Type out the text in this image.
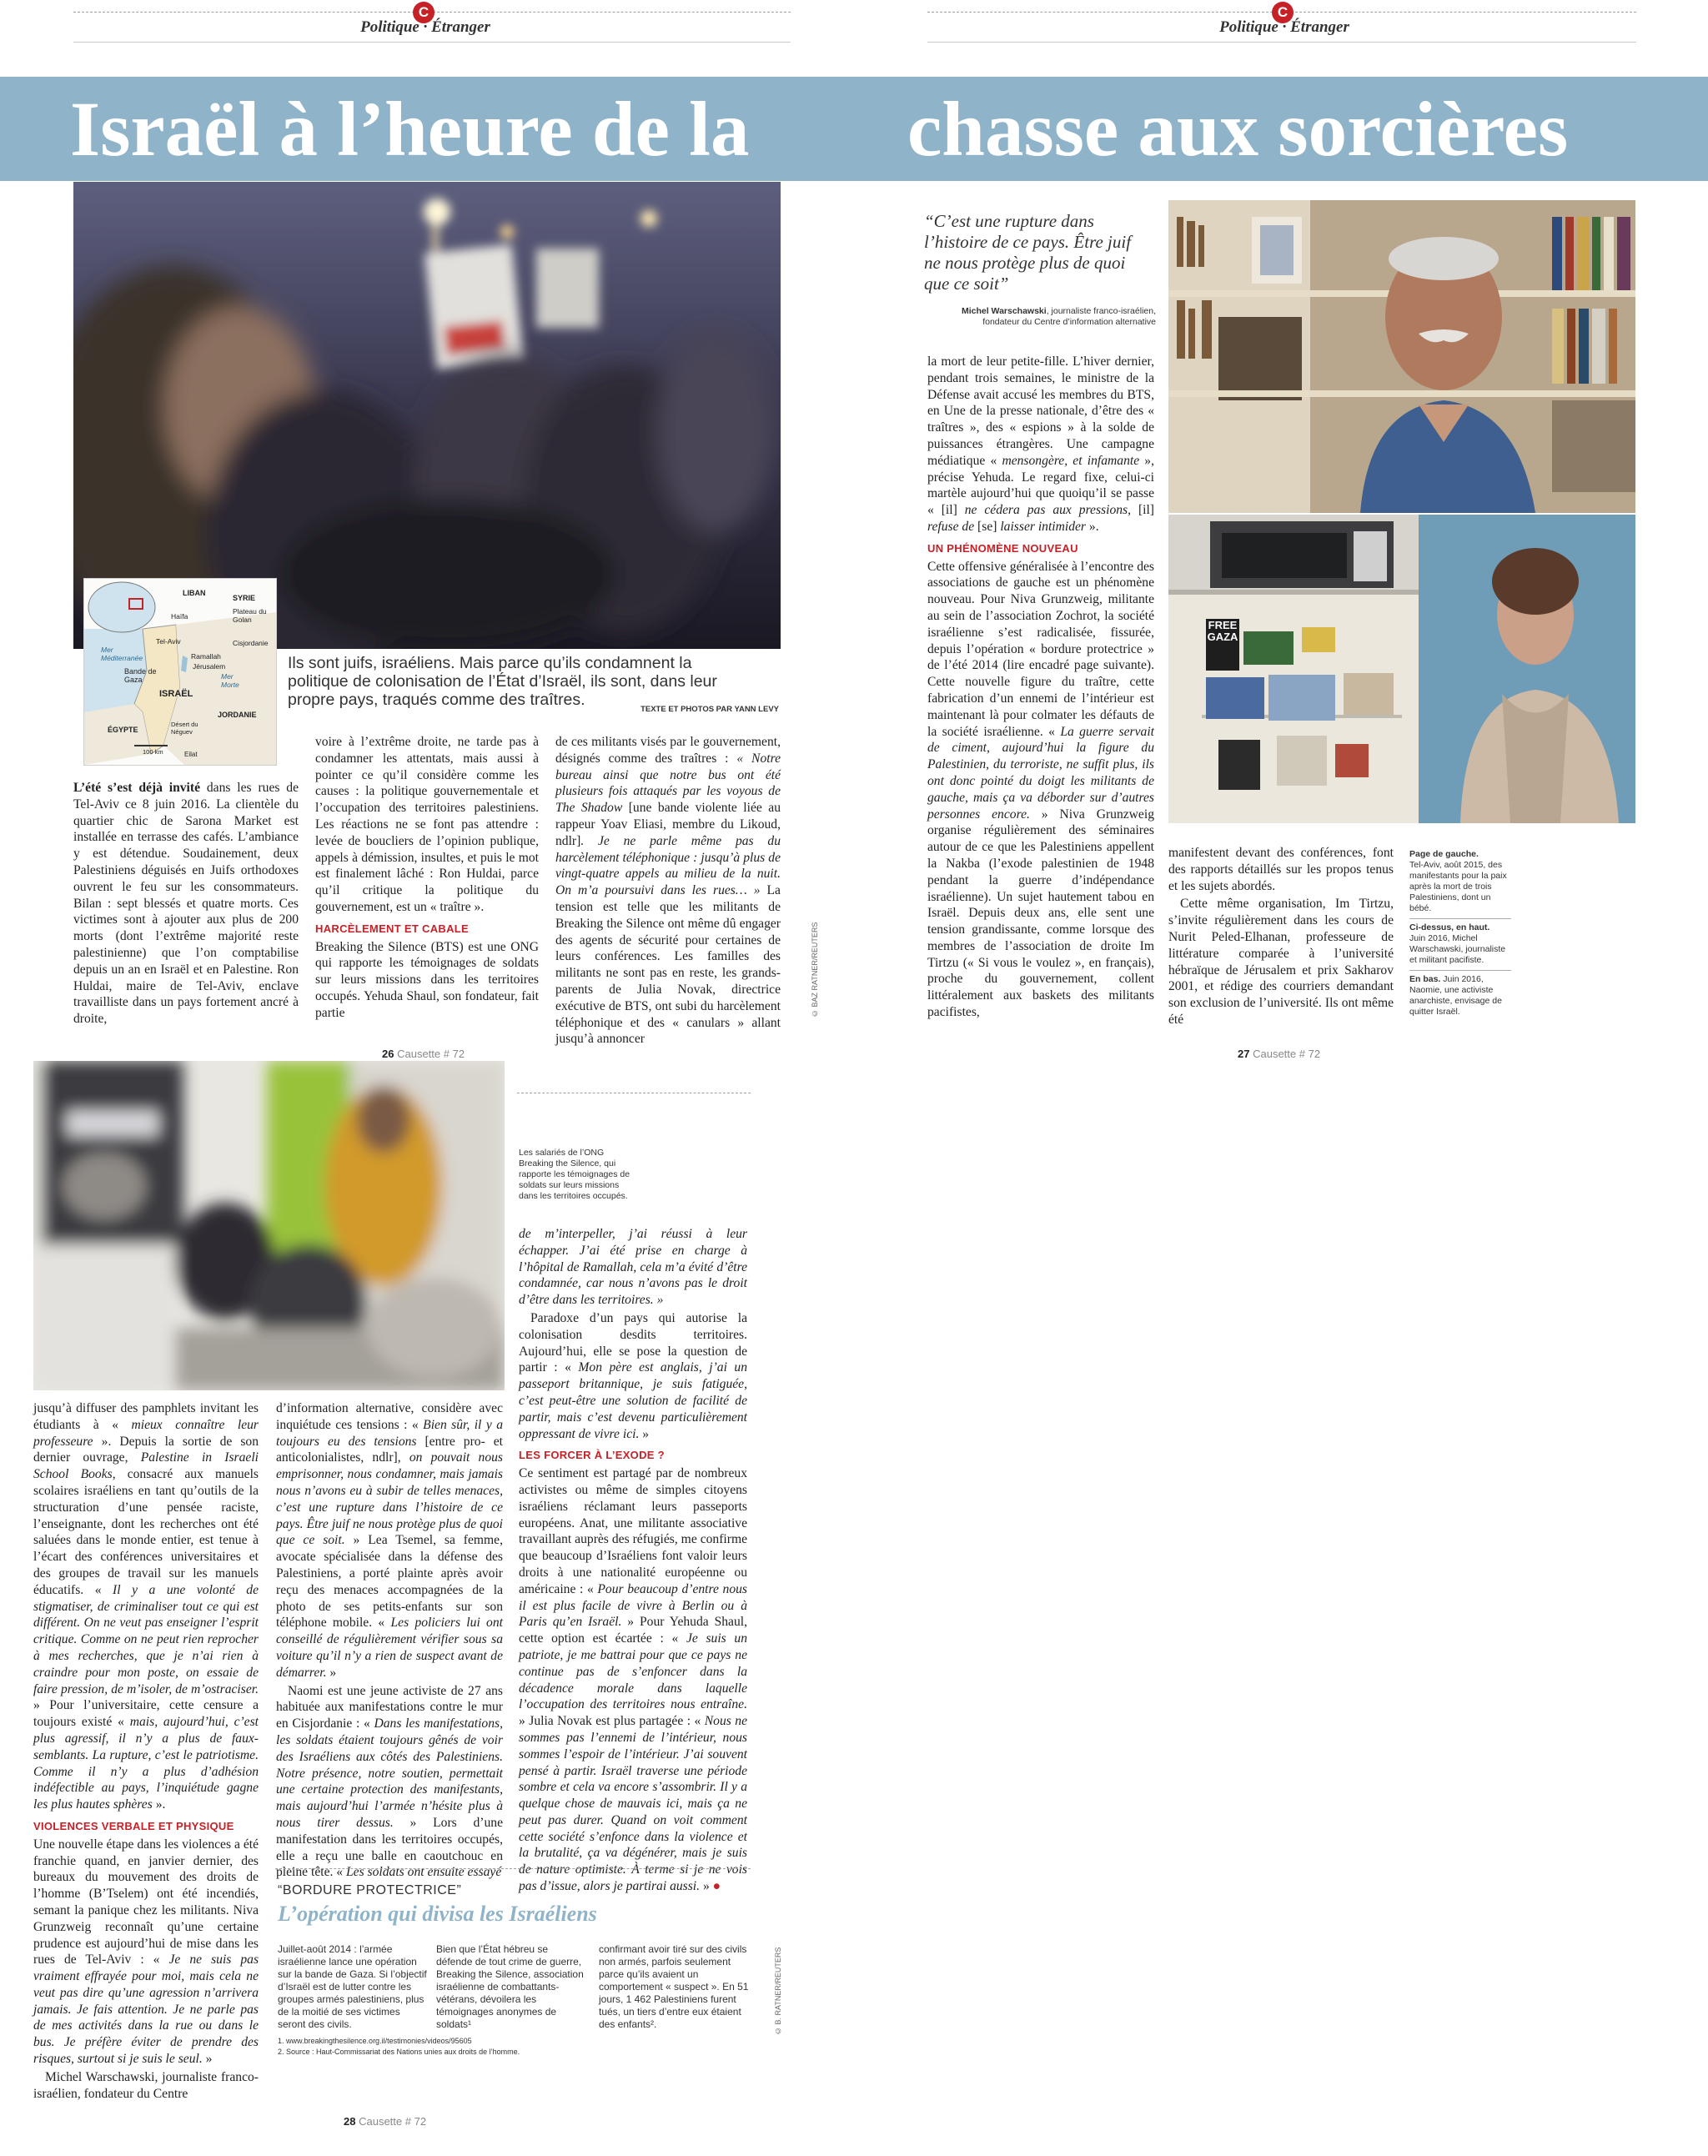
C	C
Politique · Étranger	Politique · Étranger
Israël à l’heure de la chasse aux sorcières
LIBAN
SYRIE
Plateau du Golan
Haïfa
Cisjordanie
Mer Méditerranée
Tel-Aviv
Ramallah
Jérusalem
Mer Morte
Bande de Gaza
ISRAËL
JORDANIE
ÉGYPTE
Désert du Néguev
Eilat
100 km
Ils sont juifs, israéliens. Mais parce qu’ils condamnent la politique de colonisation de l’État d’Israël, ils sont, dans leur propre pays, traqués comme des traîtres.
TEXTE ET PHOTOS PAR YANN LEVY

L’été s’est déjà invité dans les rues de Tel-Aviv ce 8 juin 2016. La clientèle du quartier chic de Sarona Market est installée en terrasse des cafés. L’ambiance y est détendue. Soudainement, deux Palestiniens déguisés en Juifs orthodoxes ouvrent le feu sur les consommateurs. Bilan : sept blessés et quatre morts. Ces victimes sont à ajouter aux plus de 200 morts (dont l’extrême majorité reste palestinienne) que l’on comptabilise depuis un an en Israël et en Palestine. Ron Huldai, maire de Tel-Aviv, enclave travailliste dans un pays fortement ancré à droite,

voire à l’extrême droite, ne tarde pas à condamner les attentats, mais aussi à pointer ce qu’il considère comme les causes : la politique gouvernementale et l’occupation des territoires palestiniens. Les réactions ne se font pas attendre : levée de boucliers de l’opinion publique, appels à démission, insultes, et puis le mot est finalement lâché : Ron Huldai, parce qu’il critique la politique du gouvernement, est un « traître ».

HARCÈLEMENT ET CABALE

Breaking the Silence (BTS) est une ONG qui rapporte les témoignages de soldats sur leurs missions dans les territoires occupés. Yehuda Shaul, son fondateur, fait partie

de ces militants visés par le gouvernement, désignés comme des traîtres : « Notre bureau ainsi que notre bus ont été plusieurs fois attaqués par les voyous de The Shadow [une bande violente liée au rappeur Yoav Eliasi, membre du Likoud, ndlr]. Je ne parle même pas du harcèlement téléphonique : jusqu’à plus de vingt-quatre appels au milieu de la nuit. On m’a poursuivi dans les rues… » La tension est telle que les militants de Breaking the Silence ont même dû engager des agents de sécurité pour certaines de leurs conférences. Les familles des militants ne sont pas en reste, les grands-parents de Julia Novak, directrice exécutive de BTS, ont subi du harcèlement téléphonique et des « canulars » allant jusqu’à annoncer

© BAZ RATNER/REUTERS
26 Causette # 72
“C’est une rupture dans l’histoire de ce pays. Être juif ne nous protège plus de quoi que ce soit”
Michel Warschawski, journaliste franco-israélien, fondateur du Centre d’information alternative
FREE
GAZA

la mort de leur petite-fille. L’hiver dernier, pendant trois semaines, le ministre de la Défense avait accusé les membres du BTS, en Une de la presse nationale, d’être des « traîtres », des « espions » à la solde de puissances étrangères. Une campagne médiatique « mensongère, et infamante », précise Yehuda. Le regard fixe, celui-ci martèle aujourd’hui que quoiqu’il se passe « [il] ne cédera pas aux pressions, [il] refuse de [se] laisser intimider ».

UN PHÉNOMÈNE NOUVEAU

Cette offensive généralisée à l’encontre des associations de gauche est un phénomène nouveau. Pour Niva Grunzweig, militante au sein de l’association Zochrot, la société israélienne s’est radicalisée, fissurée, depuis l’opération « bordure protectrice » de l’été 2014 (lire encadré page suivante). Cette nouvelle figure du traître, cette fabrication d’un ennemi de l’intérieur est maintenant là pour colmater les défauts de la société israélienne. « La guerre servait de ciment, aujourd’hui la figure du Palestinien, du terroriste, ne suffit plus, ils ont donc pointé du doigt les militants de gauche, mais ça va déborder sur d’autres personnes encore. » Niva Grunzweig organise régulièrement des séminaires autour de ce que les Palestiniens appellent la Nakba (l’exode palestinien de 1948 pendant la guerre d’indépendance israélienne). Un sujet hautement tabou en Israël. Depuis deux ans, elle sent une tension grandissante, comme lorsque des membres de l’association de droite Im Tirtzu (« Si vous le voulez », en français), proche du gouvernement, collent littéralement aux baskets des militants pacifistes,

manifestent devant des conférences, font des rapports détaillés sur les propos tenus et les sujets abordés.

Cette même organisation, Im Tirtzu, s’invite régulièrement dans les cours de Nurit Peled-Elhanan, professeure de littérature comparée à l’université hébraïque de Jérusalem et prix Sakharov 2001, et rédige des courriers demandant son exclusion de l’université. Ils ont même été

Page de gauche.
Tel-Aviv, août 2015, des manifestants pour la paix après la mort de trois Palestiniens, dont un bébé.
Ci-dessus, en haut.
Juin 2016, Michel Warschawski, journaliste et militant pacifiste.
En bas. Juin 2016, Naomie, une activiste anarchiste, envisage de quitter Israël.
27 Causette # 72
Les salariés de l’ONG Breaking the Silence, qui rapporte les témoignages de soldats sur leurs missions dans les territoires occupés.

de m’interpeller, j’ai réussi à leur échapper. J’ai été prise en charge à l’hôpital de Ramallah, cela m’a évité d’être condamnée, car nous n’avons pas le droit d’être dans les territoires. »

Paradoxe d’un pays qui autorise la colonisation desdits territoires. Aujourd’hui, elle se pose la question de partir : « Mon père est anglais, j’ai un passeport britannique, je suis fatiguée, c’est peut-être une solution de facilité de partir, mais c’est devenu particulièrement oppressant de vivre ici. »

LES FORCER À L’EXODE ?

Ce sentiment est partagé par de nombreux activistes ou même de simples citoyens israéliens réclamant leurs passeports européens. Anat, une militante associative travaillant auprès des réfugiés, me confirme que beaucoup d’Israéliens font valoir leurs droits à une nationalité européenne ou américaine : « Pour beaucoup d’entre nous il est plus facile de vivre à Berlin ou à Paris qu’en Israël. » Pour Yehuda Shaul, cette option est écartée : « Je suis un patriote, je me battrai pour que ce pays ne continue pas de s’enfoncer dans la décadence morale dans laquelle l’occupation des territoires nous entraîne. » Julia Novak est plus partagée : « Nous ne sommes pas l’ennemi de l’intérieur, nous sommes l’espoir de l’intérieur. J’ai souvent pensé à partir. Israël traverse une période sombre et cela va encore s’assombrir. Il y a quelque chose de mauvais ici, mais ça ne peut pas durer. Quand on voit comment cette société s’enfonce dans la violence et la brutalité, ça va dégénérer, mais je suis de nature optimiste. À terme si je ne vois pas d’issue, alors je partirai aussi. » ●

jusqu’à diffuser des pamphlets invitant les étudiants à « mieux connaître leur professeure ». Depuis la sortie de son dernier ouvrage, Palestine in Israeli School Books, consacré aux manuels scolaires israéliens en tant qu’outils de la structuration d’une pensée raciste, l’enseignante, dont les recherches ont été saluées dans le monde entier, est tenue à l’écart des conférences universitaires et des groupes de travail sur les manuels éducatifs. « Il y a une volonté de stigmatiser, de criminaliser tout ce qui est différent. On ne veut pas enseigner l’esprit critique. Comme on ne peut rien reprocher à mes recherches, que je n’ai rien à craindre pour mon poste, on essaie de faire pression, de m’isoler, de m’ostraciser. » Pour l’universitaire, cette censure a toujours existé « mais, aujourd’hui, c’est plus agressif, il n’y a plus de faux-semblants. La rupture, c’est le patriotisme. Comme il n’y a plus d’adhésion indéfectible au pays, l’inquiétude gagne les plus hautes sphères ».

VIOLENCES VERBALE ET PHYSIQUE

Une nouvelle étape dans les violences a été franchie quand, en janvier dernier, des bureaux du mouvement des droits de l’homme (B’Tselem) ont été incendiés, semant la panique chez les militants. Niva Grunzweig reconnaît qu’une certaine prudence est aujourd’hui de mise dans les rues de Tel-Aviv : « Je ne suis pas vraiment effrayée pour moi, mais cela ne veut pas dire qu’une agression n’arrivera jamais. Je fais attention. Je ne parle pas de mes activités dans la rue ou dans le bus. Je préfère éviter de prendre des risques, surtout si je suis le seul. »

Michel Warschawski, journaliste franco-israélien, fondateur du Centre

d’information alternative, considère avec inquiétude ces tensions : « Bien sûr, il y a toujours eu des tensions [entre pro- et anticolonialistes, ndlr], on pouvait nous emprisonner, nous condamner, mais jamais nous n’avons eu à subir de telles menaces, c’est une rupture dans l’histoire de ce pays. Être juif ne nous protège plus de quoi que ce soit. » Lea Tsemel, sa femme, avocate spécialisée dans la défense des Palestiniens, a porté plainte après avoir reçu des menaces accompagnées de la photo de ses petits-enfants sur son téléphone mobile. « Les policiers lui ont conseillé de régulièrement vérifier sous sa voiture qu’il n’y a rien de suspect avant de démarrer. »

Naomi est une jeune activiste de 27 ans habituée aux manifestations contre le mur en Cisjordanie : « Dans les manifestations, les soldats étaient toujours gênés de voir des Israéliens aux côtés des Palestiniens. Notre présence, notre soutien, permettait une certaine protection des manifestants, mais aujourd’hui l’armée n’hésite plus à nous tirer dessus. » Lors d’une manifestation dans les territoires occupés, elle a reçu une balle en caoutchouc en pleine tête. « Les soldats ont ensuite essayé

“BORDURE PROTECTRICE”
L’opération qui divisa les Israéliens
Juillet-août 2014 : l’armée israélienne lance une opération sur la bande de Gaza. Si l’objectif d’Israël est de lutter contre les groupes armés palestiniens, plus de la moitié de ses victimes seront des civils.
Bien que l’État hébreu se défende de tout crime de guerre, Breaking the Silence, association israélienne de combattants-vétérans, dévoilera les témoignages anonymes de soldats¹
confirmant avoir tiré sur des civils non armés, parfois seulement parce qu’ils avaient un comportement « suspect ». En 51 jours, 1 462 Palestiniens furent tués, un tiers d’entre eux étaient des enfants².
1. www.breakingthesilence.org.il/testimonies/videos/95605
2. Source : Haut-Commissariat des Nations unies aux droits de l’homme.
© B. RATNER/REUTERS
28 Causette # 72
